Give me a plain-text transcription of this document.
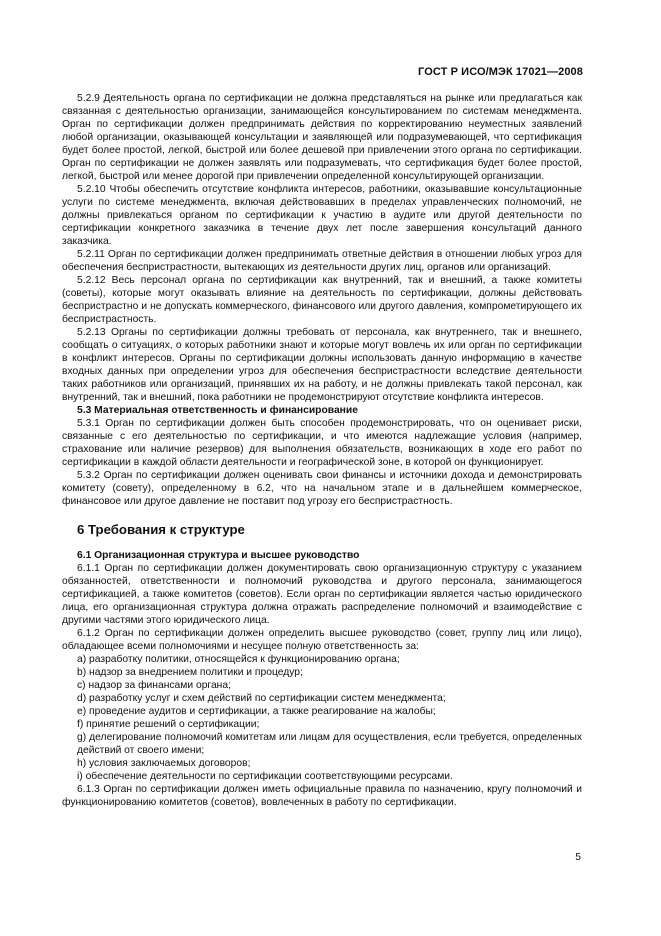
ГОСТ Р ИСО/МЭК 17021—2008

5.2.9 Деятельность органа по сертификации не должна представляться на рынке или предлагаться как связанная с деятельностью организации, занимающейся консультированием по системам менеджмента. Орган по сертификации должен предпринимать действия по корректированию неуместных заявлений любой организации, оказывающей консультации и заявляющей или подразумевающей, что сертификация будет более простой, легкой, быстрой или более дешевой при привлечении этого органа по сертификации. Орган по сертификации не должен заявлять или подразумевать, что сертификация будет более простой, легкой, быстрой или менее дорогой при привлечении определенной консультирующей организации.

5.2.10 Чтобы обеспечить отсутствие конфликта интересов, работники, оказывавшие консультационные услуги по системе менеджмента, включая действовавших в пределах управленческих полномочий, не должны привлекаться органом по сертификации к участию в аудите или другой деятельности по сертификации конкретного заказчика в течение двух лет после завершения консультаций данного заказчика.

5.2.11 Орган по сертификации должен предпринимать ответные действия в отношении любых угроз для обеспечения беспристрастности, вытекающих из деятельности других лиц, органов или организаций.

5.2.12 Весь персонал органа по сертификации как внутренний, так и внешний, а также комитеты (советы), которые могут оказывать влияние на деятельность по сертификации, должны действовать беспристрастно и не допускать коммерческого, финансового или другого давления, компрометирующего их беспристрастность.

5.2.13 Органы по сертификации должны требовать от персонала, как внутреннего, так и внешнего, сообщать о ситуациях, о которых работники знают и которые могут вовлечь их или орган по сертификации в конфликт интересов. Органы по сертификации должны использовать данную информацию в качестве входных данных при определении угроз для обеспечения беспристрастности вследствие деятельности таких работников или организаций, принявших их на работу, и не должны привлекать такой персонал, как внутренний, так и внешний, пока работники не продемонстрируют отсутствие конфликта интересов.

5.3 Материальная ответственность и финансирование

5.3.1 Орган по сертификации должен быть способен продемонстрировать, что он оценивает риски, связанные с его деятельностью по сертификации, и что имеются надлежащие условия (например, страхование или наличие резервов) для выполнения обязательств, возникающих в ходе его работ по сертификации в каждой области деятельности и географической зоне, в которой он функционирует.

5.3.2 Орган по сертификации должен оценивать свои финансы и источники дохода и демонстрировать комитету (совету), определенному в 6.2, что на начальном этапе и в дальнейшем коммерческое, финансовое или другое давление не поставит под угрозу его беспристрастность.

6 Требования к структуре
6.1 Организационная структура и высшее руководство

6.1.1 Орган по сертификации должен документировать свою организационную структуру с указанием обязанностей, ответственности и полномочий руководства и другого персонала, занимающегося сертификацией, а также комитетов (советов). Если орган по сертификации является частью юридического лица, его организационная структура должна отражать распределение полномочий и взаимодействие с другими частями этого юридического лица.

6.1.2 Орган по сертификации должен определить высшее руководство (совет, группу лиц или лицо), обладающее всеми полномочиями и несущее полную ответственность за:

a) разработку политики, относящейся к функционированию органа;

b) надзор за внедрением политики и процедур;

c) надзор за финансами органа;

d) разработку услуг и схем действий по сертификации систем менеджмента;

e) проведение аудитов и сертификации, а также реагирование на жалобы;

f) принятие решений о сертификации;

g) делегирование полномочий комитетам или лицам для осуществления, если требуется, определенных действий от своего имени;

h) условия заключаемых договоров;

i) обеспечение деятельности по сертификации соответствующими ресурсами.

6.1.3 Орган по сертификации должен иметь официальные правила по назначению, кругу полномочий и функционированию комитетов (советов), вовлеченных в работу по сертификации.

5
